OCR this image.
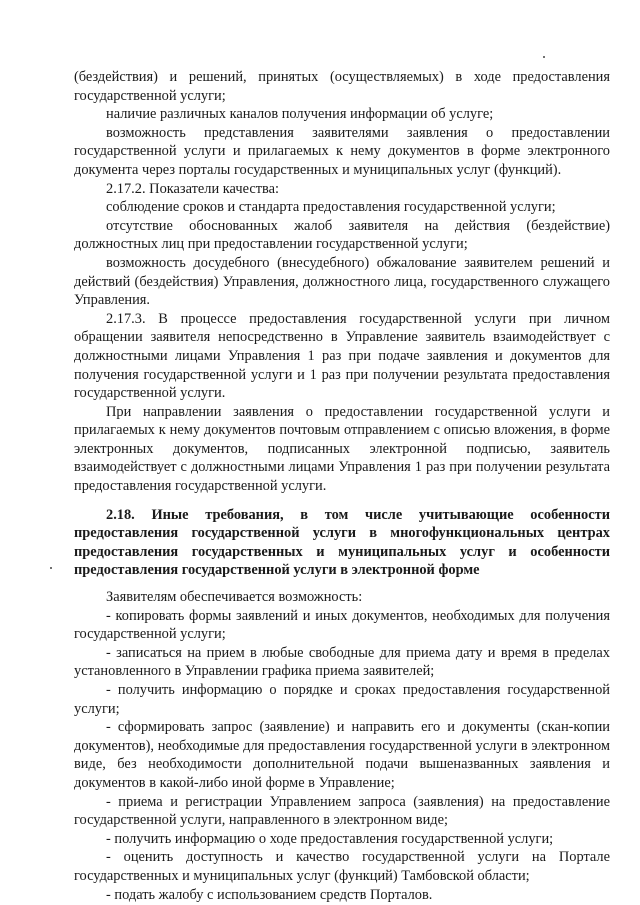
(бездействия) и решений, принятых (осуществляемых) в ходе предоставления государственной услуги;

наличие различных каналов получения информации об услуге;

возможность представления заявителями заявления о предоставлении государственной услуги и прилагаемых к нему документов в форме электронного документа через порталы государственных и муниципальных услуг (функций).

2.17.2. Показатели качества:

соблюдение сроков и стандарта предоставления государственной услуги;

отсутствие обоснованных жалоб заявителя на действия (бездействие) должностных лиц при предоставлении государственной услуги;

возможность досудебного (внесудебного) обжалование заявителем решений и действий (бездействия) Управления, должностного лица, государственного служащего Управления.

2.17.3. В процессе предоставления государственной услуги при личном обращении заявителя непосредственно в Управление заявитель взаимодействует с должностными лицами Управления 1 раз при подаче заявления и документов для получения государственной услуги и 1 раз при получении результата предоставления государственной услуги.

При направлении заявления о предоставлении государственной услуги и прилагаемых к нему документов почтовым отправлением с описью вложения, в форме электронных документов, подписанных электронной подписью, заявитель взаимодействует с должностными лицами Управления 1 раз при получении результата предоставления государственной услуги.

2.18. Иные требования, в том числе учитывающие особенности предоставления государственной услуги в многофункциональных центрах предоставления государственных и муниципальных услуг и особенности предоставления государственной услуги в электронной форме

Заявителям обеспечивается возможность:

- копировать формы заявлений и иных документов, необходимых для получения государственной услуги;

- записаться на прием в любые свободные для приема дату и время в пределах установленного в Управлении графика приема заявителей;

- получить информацию о порядке и сроках предоставления государственной услуги;

- сформировать запрос (заявление) и направить его и документы (скан-копии документов), необходимые для предоставления государственной услуги в электронном виде, без необходимости дополнительной подачи вышеназванных заявления и документов в какой-либо иной форме в Управление;

- приема и регистрации Управлением запроса (заявления) на предоставление государственной услуги, направленного в электронном виде;

- получить информацию о ходе предоставления государственной услуги;

- оценить доступность и качество государственной услуги на Портале государственных и муниципальных услуг (функций) Тамбовской области;

- подать жалобу с использованием средств Порталов.
